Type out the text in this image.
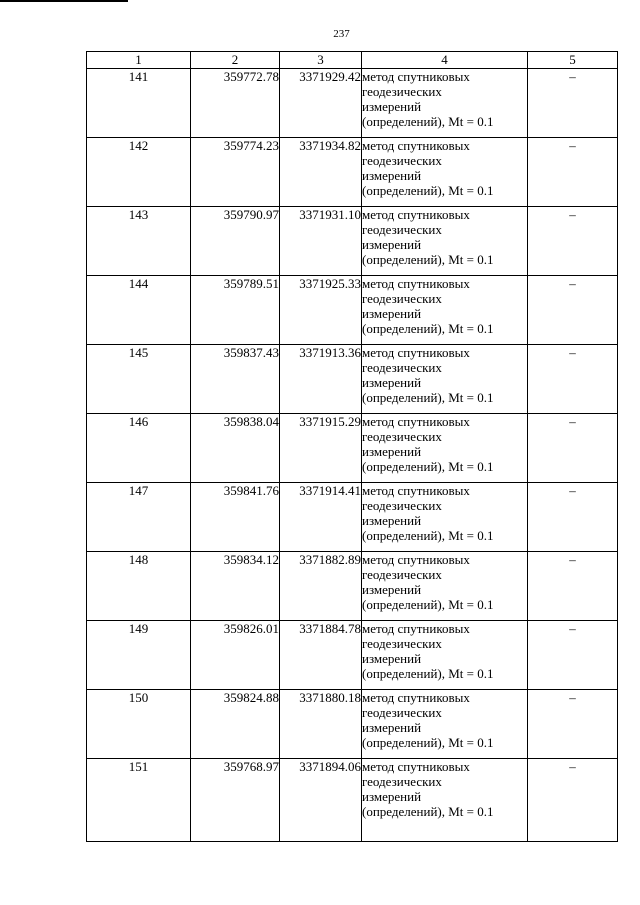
237
1	2	3	4	5
141	359772.78	3371929.42	метод спутниковых
геодезических
измерений
(определений), Mt = 0.1	–
142	359774.23	3371934.82	метод спутниковых
геодезических
измерений
(определений), Mt = 0.1	–
143	359790.97	3371931.10	метод спутниковых
геодезических
измерений
(определений), Mt = 0.1	–
144	359789.51	3371925.33	метод спутниковых
геодезических
измерений
(определений), Mt = 0.1	–
145	359837.43	3371913.36	метод спутниковых
геодезических
измерений
(определений), Mt = 0.1	–
146	359838.04	3371915.29	метод спутниковых
геодезических
измерений
(определений), Mt = 0.1	–
147	359841.76	3371914.41	метод спутниковых
геодезических
измерений
(определений), Mt = 0.1	–
148	359834.12	3371882.89	метод спутниковых
геодезических
измерений
(определений), Mt = 0.1	–
149	359826.01	3371884.78	метод спутниковых
геодезических
измерений
(определений), Mt = 0.1	–
150	359824.88	3371880.18	метод спутниковых
геодезических
измерений
(определений), Mt = 0.1	–
151	359768.97	3371894.06	метод спутниковых
геодезических
измерений
(определений), Mt = 0.1	–
